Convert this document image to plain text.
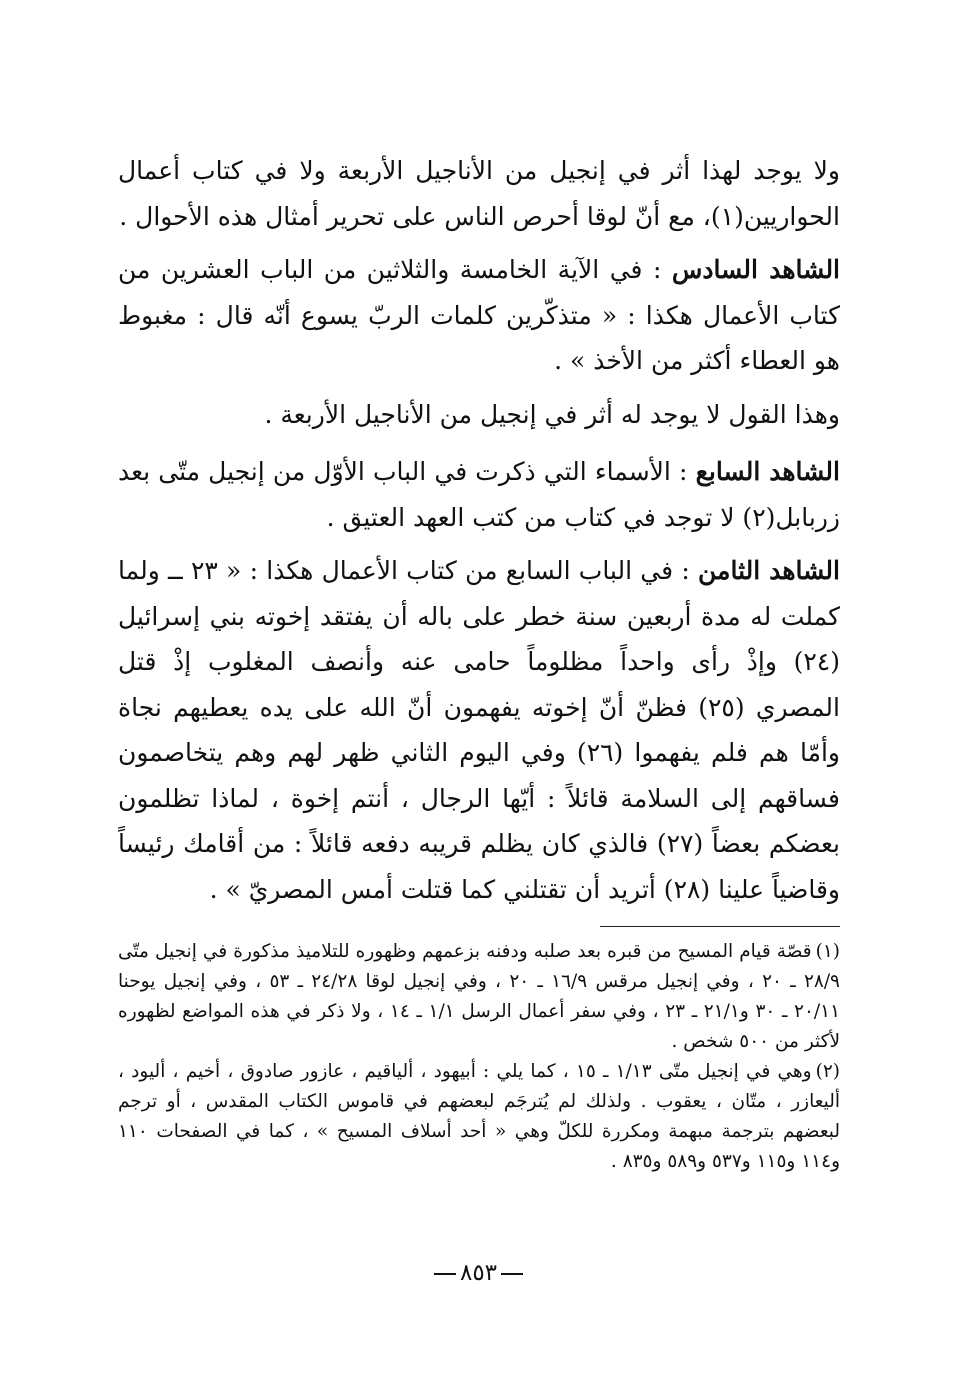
ولا يوجد لهذا أثر في إنجيل من الأناجيل الأربعة ولا في كتاب أعمال الحواريين(١)، مع أنّ لوقا أحرص الناس على تحرير أمثال هذه الأحوال .

الشاهد السادس : في الآية الخامسة والثلاثين من الباب العشرين من كتاب الأعمال هكذا : « متذكّرين كلمات الربّ يسوع أنّه قال : مغبوط هو العطاء أكثر من الأخذ » .

وهذا القول لا يوجد له أثر في إنجيل من الأناجيل الأربعة .

الشاهد السابع : الأسماء التي ذكرت في الباب الأوّل من إنجيل متّى بعد زربابل(٢) لا توجد في كتاب من كتب العهد العتيق .

الشاهد الثامن : في الباب السابع من كتاب الأعمال هكذا : « ٢٣ ــ ولما كملت له مدة أربعين سنة خطر على باله أن يفتقد إخوته بني إسرائيل (٢٤) وإذْ رأى واحداً مظلوماً حامى عنه وأنصف المغلوب إذْ قتل المصري (٢٥) فظنّ أنّ إخوته يفهمون أنّ الله على يده يعطيهم نجاة وأمّا هم فلم يفهموا (٢٦) وفي اليوم الثاني ظهر لهم وهم يتخاصمون فساقهم إلى السلامة قائلاً : أيّها الرجال ، أنتم إخوة ، لماذا تظلمون بعضكم بعضاً (٢٧) فالذي كان يظلم قريبه دفعه قائلاً : من أقامك رئيساً وقاضياً علينا (٢٨) أتريد أن تقتلني كما قتلت أمس المصريّ » .

(١)قصّة قيام المسيح من قبره بعد صلبه ودفنه بزعمهم وظهوره للتلاميذ مذكورة في إنجيل متّى ٢٨/٩ ـ ٢٠ ، وفي إنجيل مرقس ١٦/٩ ـ ٢٠ ، وفي إنجيل لوقا ٢٤/٢٨ ـ ٥٣ ، وفي إنجيل يوحنا ٢٠/١١ ـ ٣٠ و٢١/١ ـ ٢٣ ، وفي سفر أعمال الرسل ١/١ ـ ١٤ ، ولا ذكر في هذه المواضع لظهوره لأكثر من ٥٠٠ شخص .

(٢)وهي في إنجيل متّى ١/١٣ ـ ١٥ ، كما يلي : أبيهود ، ألياقيم ، عازور صادوق ، أخيم ، أليود ، أليعازر ، متّان ، يعقوب . ولذلك لم يُترجَم لبعضهم في قاموس الكتاب المقدس ، أو ترجم لبعضهم بترجمة مبهمة ومكررة للكلّ وهي « أحد أسلاف المسيح » ، كما في الصفحات ١١٠ و١١٤ و١١٥ و٥٣٧ و٥٨٩ و٨٣٥ .

٨٥٣
